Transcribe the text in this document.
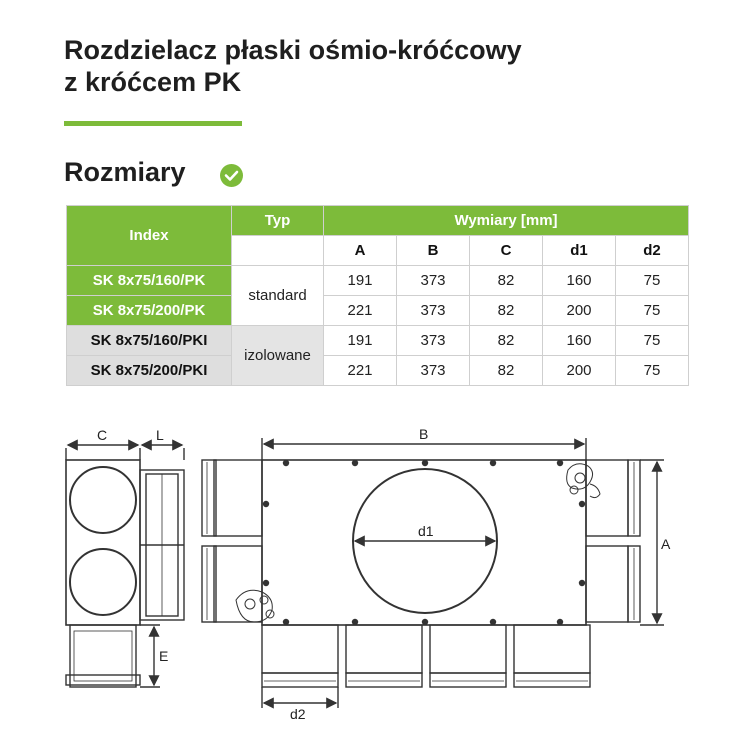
Rozdzielacz płaski ośmio-króćcowy
z króćcem PK
Rozmiary
Index	Typ	Wymiary [mm]				
		A	B	C	d1	d2
SK 8x75/160/PK	standard	191	373	82	160	75
SK 8x75/200/PK		221	373	82	200	75
SK 8x75/160/PKI	izolowane	191	373	82	160	75
SK 8x75/200/PKI		221	373	82	200	75
C	L
E
B
A
d1
d2
